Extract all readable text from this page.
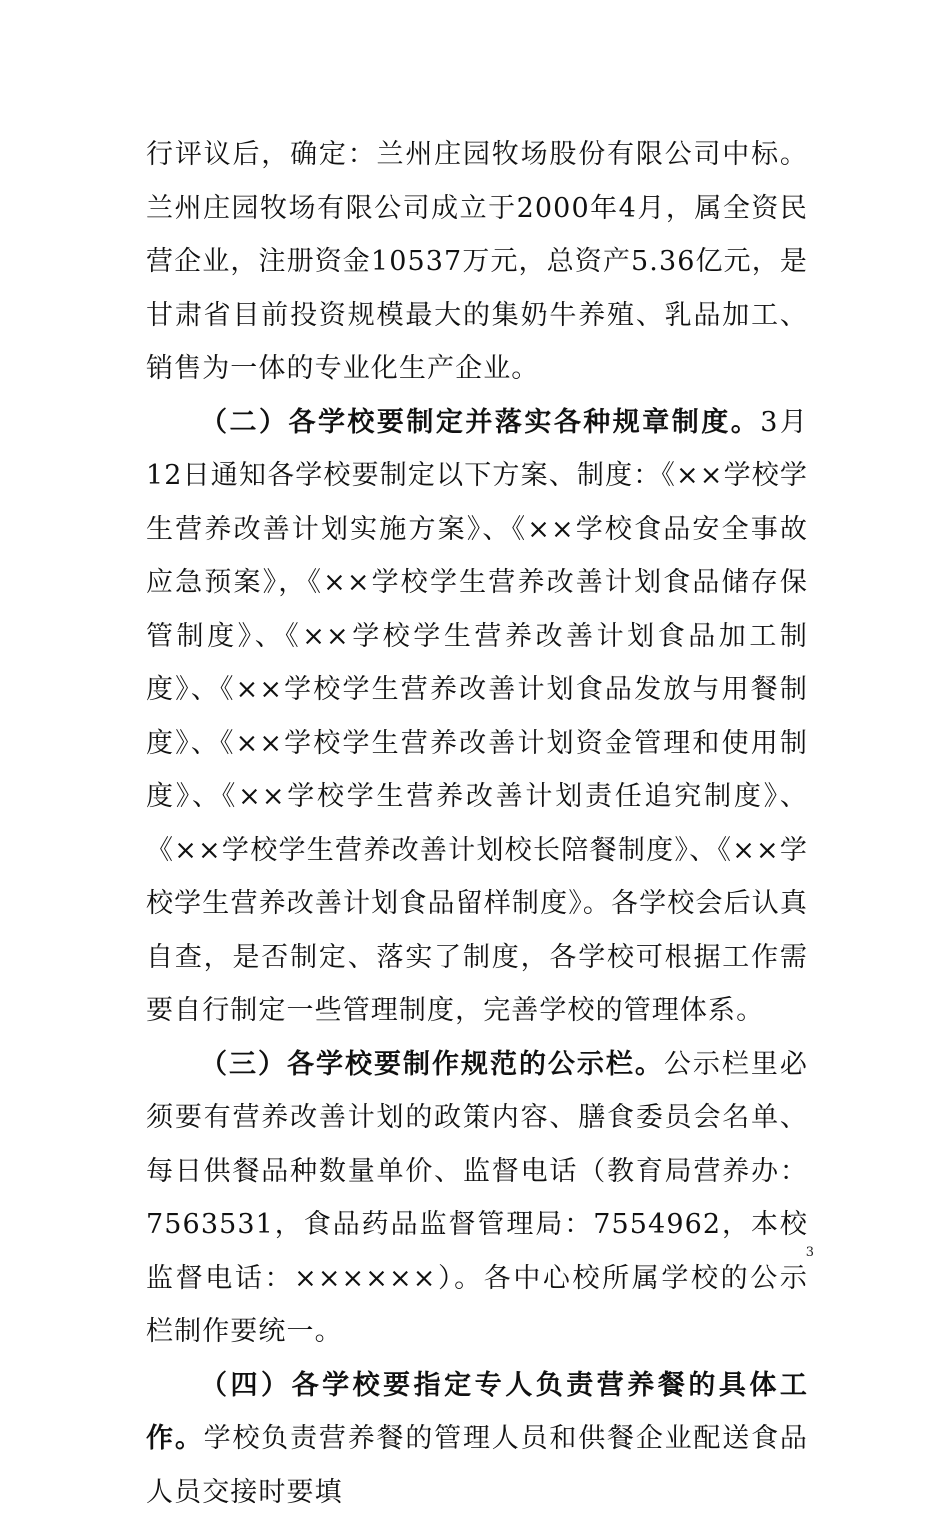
行评议后，确定：兰州庄园牧场股份有限公司中标。兰州庄园牧场有限公司成立于2000年4月，属全资民营企业，注册资金10537万元，总资产5.36亿元，是甘肃省目前投资规模最大的集奶牛养殖、乳品加工、销售为一体的专业化生产企业。

（二）各学校要制定并落实各种规章制度。3月12日通知各学校要制定以下方案、制度：《××学校学生营养改善计划实施方案》、《××学校食品安全事故应急预案》，《××学校学生营养改善计划食品储存保管制度》、《××学校学生营养改善计划食品加工制度》、《××学校学生营养改善计划食品发放与用餐制度》、《××学校学生营养改善计划资金管理和使用制度》、《××学校学生营养改善计划责任追究制度》、《××学校学生营养改善计划校长陪餐制度》、《××学校学生营养改善计划食品留样制度》。各学校会后认真自查，是否制定、落实了制度，各学校可根据工作需要自行制定一些管理制度，完善学校的管理体系。

（三）各学校要制作规范的公示栏。公示栏里必须要有营养改善计划的政策内容、膳食委员会名单、每日供餐品种数量单价、监督电话（教育局营养办：7563531，食品药品监督管理局：7554962，本校监督电话：××××××）。各中心校所属学校的公示栏制作要统一。

（四）各学校要指定专人负责营养餐的具体工作。学校负责营养餐的管理人员和供餐企业配送食品人员交接时要填

3
